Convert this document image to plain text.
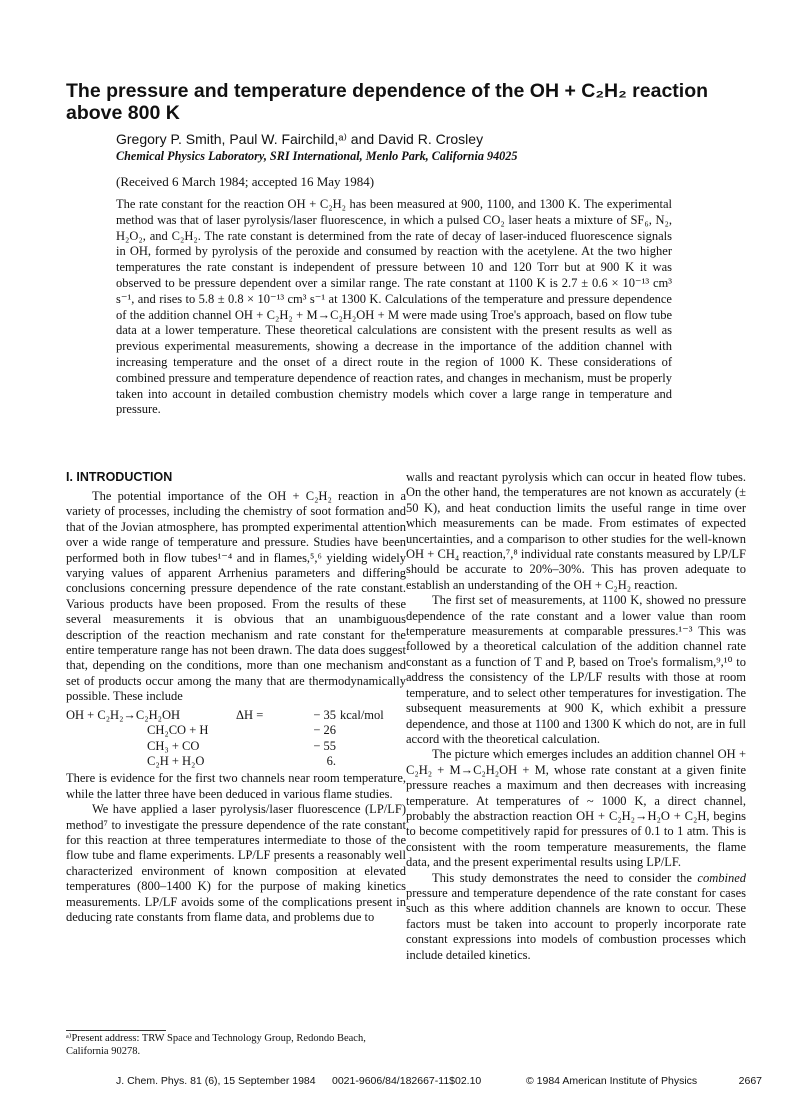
The pressure and temperature dependence of the OH + C₂H₂ reaction above 800 K
Gregory P. Smith, Paul W. Fairchild,ᵃ⁾ and David R. Crosley
Chemical Physics Laboratory, SRI International, Menlo Park, California 94025
(Received 6 March 1984; accepted 16 May 1984)

The rate constant for the reaction OH + C₂H₂ has been measured at 900, 1100, and 1300 K. The experimental method was that of laser pyrolysis/laser fluorescence, in which a pulsed CO₂ laser heats a mixture of SF₆, N₂, H₂O₂, and C₂H₂. The rate constant is determined from the rate of decay of laser-induced fluorescence signals in OH, formed by pyrolysis of the peroxide and consumed by reaction with the acetylene. At the two higher temperatures the rate constant is independent of pressure between 10 and 120 Torr but at 900 K it was observed to be pressure dependent over a similar range. The rate constant at 1100 K is 2.7 ± 0.6 × 10⁻¹³ cm³ s⁻¹, and rises to 5.8 ± 0.8 × 10⁻¹³ cm³ s⁻¹ at 1300 K. Calculations of the temperature and pressure dependence of the addition channel OH + C₂H₂ + M→C₂H₂OH + M were made using Troe's approach, based on flow tube data at a lower temperature. These theoretical calculations are consistent with the present results as well as previous experimental measurements, showing a decrease in the importance of the addition channel with increasing temperature and the onset of a direct route in the region of 1000 K. These considerations of combined pressure and temperature dependence of reaction rates, and changes in mechanism, must be properly taken into account in detailed combustion chemistry models which cover a large range in temperature and pressure.

I. INTRODUCTION

The potential importance of the OH + C₂H₂ reaction in a variety of processes, including the chemistry of soot formation and that of the Jovian atmosphere, has prompted experimental attention over a wide range of temperature and pressure. Studies have been performed both in flow tubes¹⁻⁴ and in flames,⁵,⁶ yielding widely varying values of apparent Arrhenius parameters and differing conclusions concerning pressure dependence of the rate constant. Various products have been proposed. From the results of these several measurements it is obvious that an unambiguous description of the reaction mechanism and rate constant for the entire temperature range has not been drawn. The data does suggest that, depending on the conditions, more than one mechanism and set of products occur among the many that are thermodynamically possible. These include

OH + C₂H₂→C₂H₂OH	ΔH =	− 35	kcal/mol
CH₂CO + H		− 26	
CH₃ + CO		− 55	
C₂H + H₂O		6.	

There is evidence for the first two channels near room temperature, while the latter three have been deduced in various flame studies.

We have applied a laser pyrolysis/laser fluorescence (LP/LF) method⁷ to investigate the pressure dependence of the rate constant for this reaction at three temperatures intermediate to those of the flow tube and flame experiments. LP/LF presents a reasonably well characterized environment of known composition at elevated temperatures (800–1400 K) for the purpose of making kinetics measurements. LP/LF avoids some of the complications present in deducing rate constants from flame data, and problems due to

walls and reactant pyrolysis which can occur in heated flow tubes. On the other hand, the temperatures are not known as accurately (± 50 K), and heat conduction limits the useful range in time over which measurements can be made. From estimates of expected uncertainties, and a comparison to other studies for the well-known OH + CH₄ reaction,⁷,⁸ individual rate constants measured by LP/LF should be accurate to 20%–30%. This has proven adequate to establish an understanding of the OH + C₂H₂ reaction.

The first set of measurements, at 1100 K, showed no pressure dependence of the rate constant and a lower value than room temperature measurements at comparable pressures.¹⁻³ This was followed by a theoretical calculation of the addition channel rate constant as a function of T and P, based on Troe's formalism,⁹,¹⁰ to address the consistency of the LP/LF results with those at room temperature, and to select other temperatures for investigation. The subsequent measurements at 900 K, which exhibit a pressure dependence, and those at 1100 and 1300 K which do not, are in full accord with the theoretical calculation.

The picture which emerges includes an addition channel OH + C₂H₂ + M→C₂H₂OH + M, whose rate constant at a given finite pressure reaches a maximum and then decreases with increasing temperature. At temperatures of ~ 1000 K, a direct channel, probably the abstraction reaction OH + C₂H₂→H₂O + C₂H, begins to become competitively rapid for pressures of 0.1 to 1 atm. This is consistent with the room temperature measurements, the flame data, and the present experimental results using LP/LF.

This study demonstrates the need to consider the combined pressure and temperature dependence of the rate constant for cases such as this where addition channels are known to occur. These factors must be taken into account to properly incorporate rate constant expressions into models of combustion processes which include detailed kinetics.

ᵃ⁾Present address: TRW Space and Technology Group, Redondo Beach, California 90278.
J. Chem. Phys. 81 (6), 15 September 1984 0021-9606/84/182667-11$02.10	© 1984 American Institute of Physics	2667
